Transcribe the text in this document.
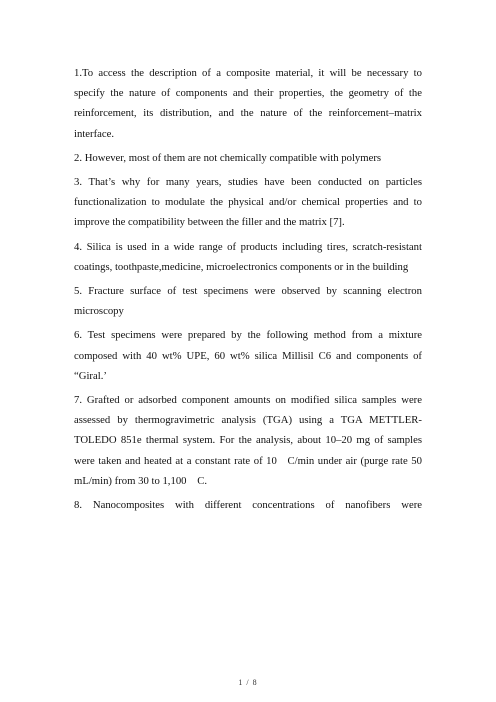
1.To access the description of a composite material, it will be necessary to specify the nature of components and their properties, the geometry of the reinforcement, its distribution, and the nature of the reinforcement–matrix interface.

2. However, most of them are not chemically compatible with polymers

3. That’s why for many years, studies have been conducted on particles functionalization to modulate the physical and/or chemical properties and to improve the compatibility between the filler and the matrix [7].

4. Silica is used in a wide range of products including tires, scratch-resistant coatings, toothpaste,medicine, microelectronics components or in the building

5. Fracture surface of test specimens were observed by scanning electron microscopy

6. Test specimens were prepared by the following method from a mixture composed with 40 wt% UPE, 60 wt% silica Millisil C6 and components of “Giral.’

7. Grafted or adsorbed component amounts on modified silica samples were assessed by thermogravimetric analysis (TGA) using a TGA METTLER-TOLEDO 851e thermal system. For the analysis, about 10–20 mg of samples were taken and heated at a constant rate of 10   C/min under air (purge rate 50 mL/min) from 30 to 1,100    C.

8. Nanocomposites with different concentrations of nanofibers were

1 / 8
